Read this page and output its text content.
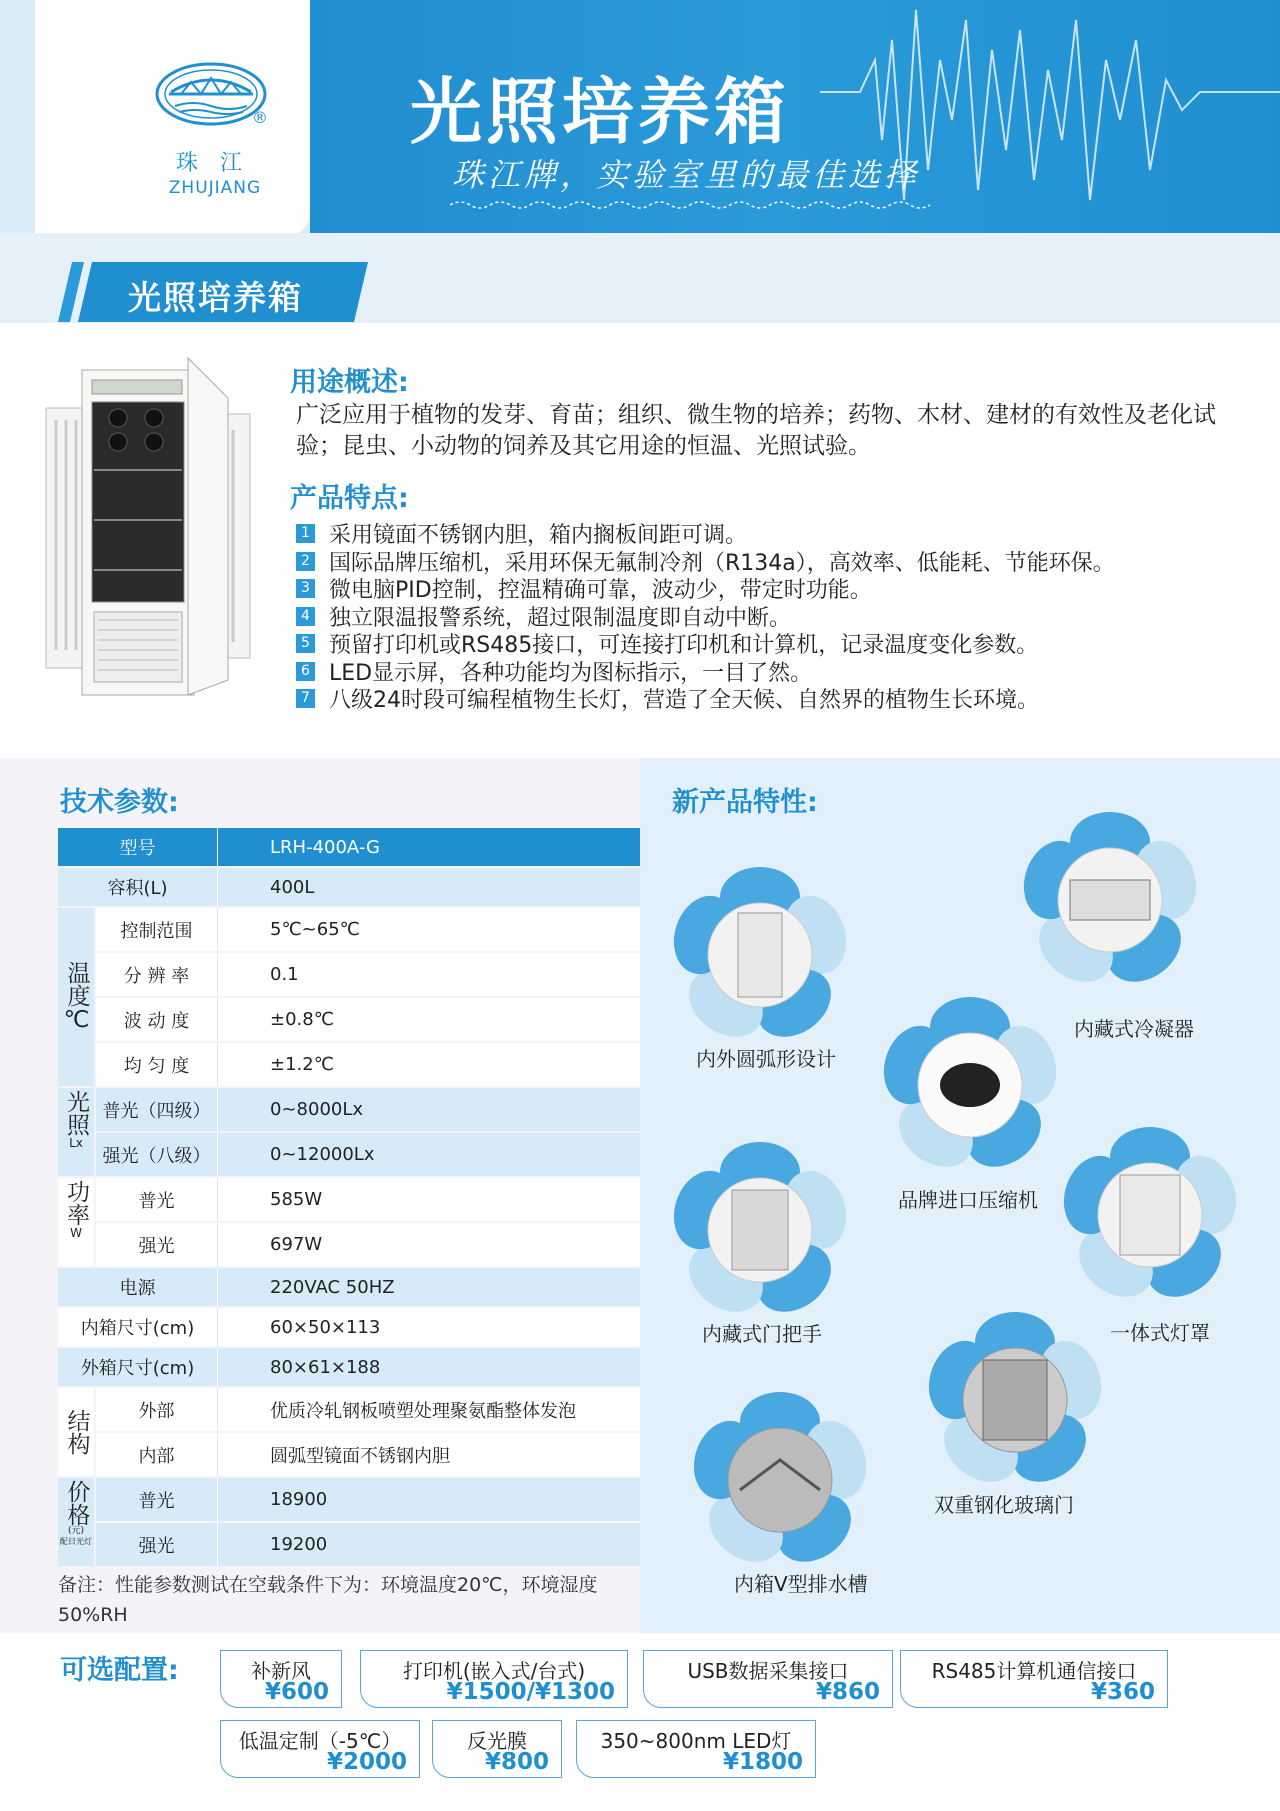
®
珠江
ZHUJIANG
光照培养箱
珠江牌，实验室里的最佳选择
光照培养箱
用途概述:
广泛应用于植物的发芽、育苗；组织、微生物的培养；药物、木材、建材的有效性及老化试验；昆虫、小动物的饲养及其它用途的恒温、光照试验。
产品特点:
1 采用镜面不锈钢内胆，箱内搁板间距可调。
2 国际品牌压缩机，采用环保无氟制冷剂（R134a），高效率、低能耗、节能环保。
3 微电脑PID控制，控温精确可靠，波动少，带定时功能。
4 独立限温报警系统，超过限制温度即自动中断。
5 预留打印机或RS485接口，可连接打印机和计算机，记录温度变化参数。
6 LED显示屏，各种功能均为图标指示，一目了然。
7 八级24时段可编程植物生长灯，营造了全天候、自然界的植物生长环境。
技术参数:	新产品特性:
型号	LRH-400A-G
容积(L)	400L
温度℃
控制范围	5℃~65℃
分 辨 率	0.1
波 动 度	±0.8℃
均 匀 度	±1.2℃
光照
Lx
普光（四级）	0~8000Lx
强光（八级）	0~12000Lx
功率
W
普光	585W
强光	697W
电源	220VAC 50HZ
内箱尺寸(cm)	60×50×113
外箱尺寸(cm)	80×61×188
结构	外部	优质冷轧钢板喷塑处理聚氨酯整体发泡
内部	圆弧型镜面不锈钢内胆
价格
(元)
配日光灯
普光	18900
强光	19200
备注：性能参数测试在空载条件下为：环境温度20℃，环境湿度50%RH
内外圆弧形设计
内藏式冷凝器
品牌进口压缩机
内藏式门把手	一体式灯罩
双重钢化玻璃门
内箱V型排水槽
可选配置:	补新风
¥600
打印机(嵌入式/台式)
¥1500/¥1300
USB数据采集接口
¥860
RS485计算机通信接口
¥360
低温定制（-5℃）
¥2000
反光膜
¥800
350~800nm LED灯
¥1800
